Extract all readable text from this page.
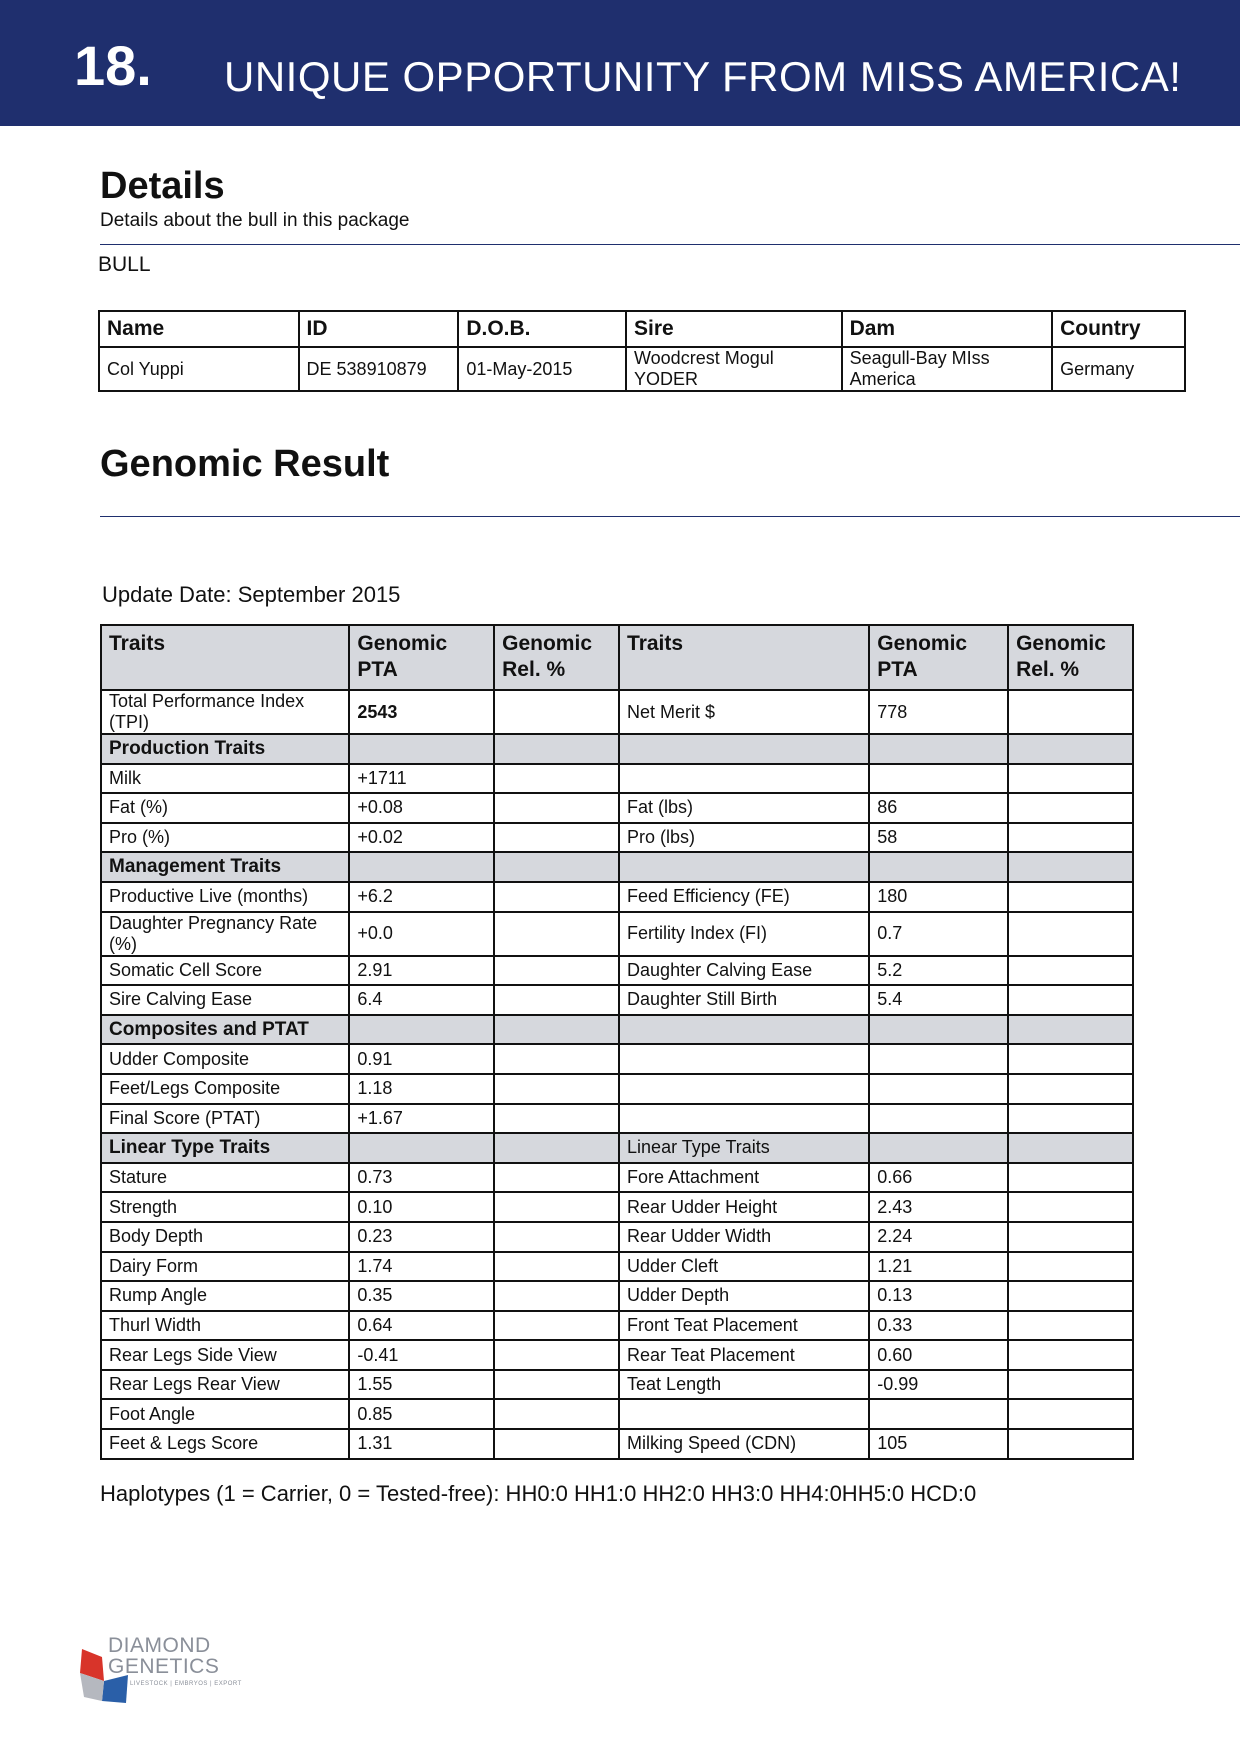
18. UNIQUE OPPORTUNITY FROM MISS AMERICA!
Details
Details about the bull in this package
BULL
Name	ID	D.O.B.	Sire	Dam	Country
Col Yuppi	DE 538910879	01-May-2015	Woodcrest Mogul YODER	Seagull-Bay MIss America	Germany
Genomic Result
Update Date: September 2015
Traits	Genomic PTA	Genomic Rel. %	Traits	Genomic PTA	Genomic Rel. %
Total Performance Index (TPI)	2543		Net Merit $	778	
Production Traits					
Milk	+1711				
Fat (%)	+0.08		Fat (lbs)	86	
Pro (%)	+0.02		Pro (lbs)	58	
Management Traits					
Productive Live (months)	+6.2		Feed Efficiency (FE)	180	
Daughter Pregnancy Rate (%)	+0.0		Fertility Index (FI)	0.7	
Somatic Cell Score	2.91		Daughter Calving Ease	5.2	
Sire Calving Ease	6.4		Daughter Still Birth	5.4	
Composites and PTAT					
Udder Composite	0.91				
Feet/Legs Composite	1.18				
Final Score (PTAT)	+1.67				
Linear Type Traits			Linear Type Traits		
Stature	0.73		Fore Attachment	0.66	
Strength	0.10		Rear Udder Height	2.43	
Body Depth	0.23		Rear Udder Width	2.24	
Dairy Form	1.74		Udder Cleft	1.21	
Rump Angle	0.35		Udder Depth	0.13	
Thurl Width	0.64		Front Teat Placement	0.33	
Rear Legs Side View	-0.41		Rear Teat Placement	0.60	
Rear Legs Rear View	1.55		Teat Length	-0.99	
Foot Angle	0.85				
Feet & Legs Score	1.31		Milking Speed (CDN)	105	
Haplotypes (1 = Carrier, 0 = Tested-free): HH0:0 HH1:0 HH2:0 HH3:0 HH4:0HH5:0 HCD:0
DIAMOND
GENETICS
LIVESTOCK | EMBRYOS | EXPORT
